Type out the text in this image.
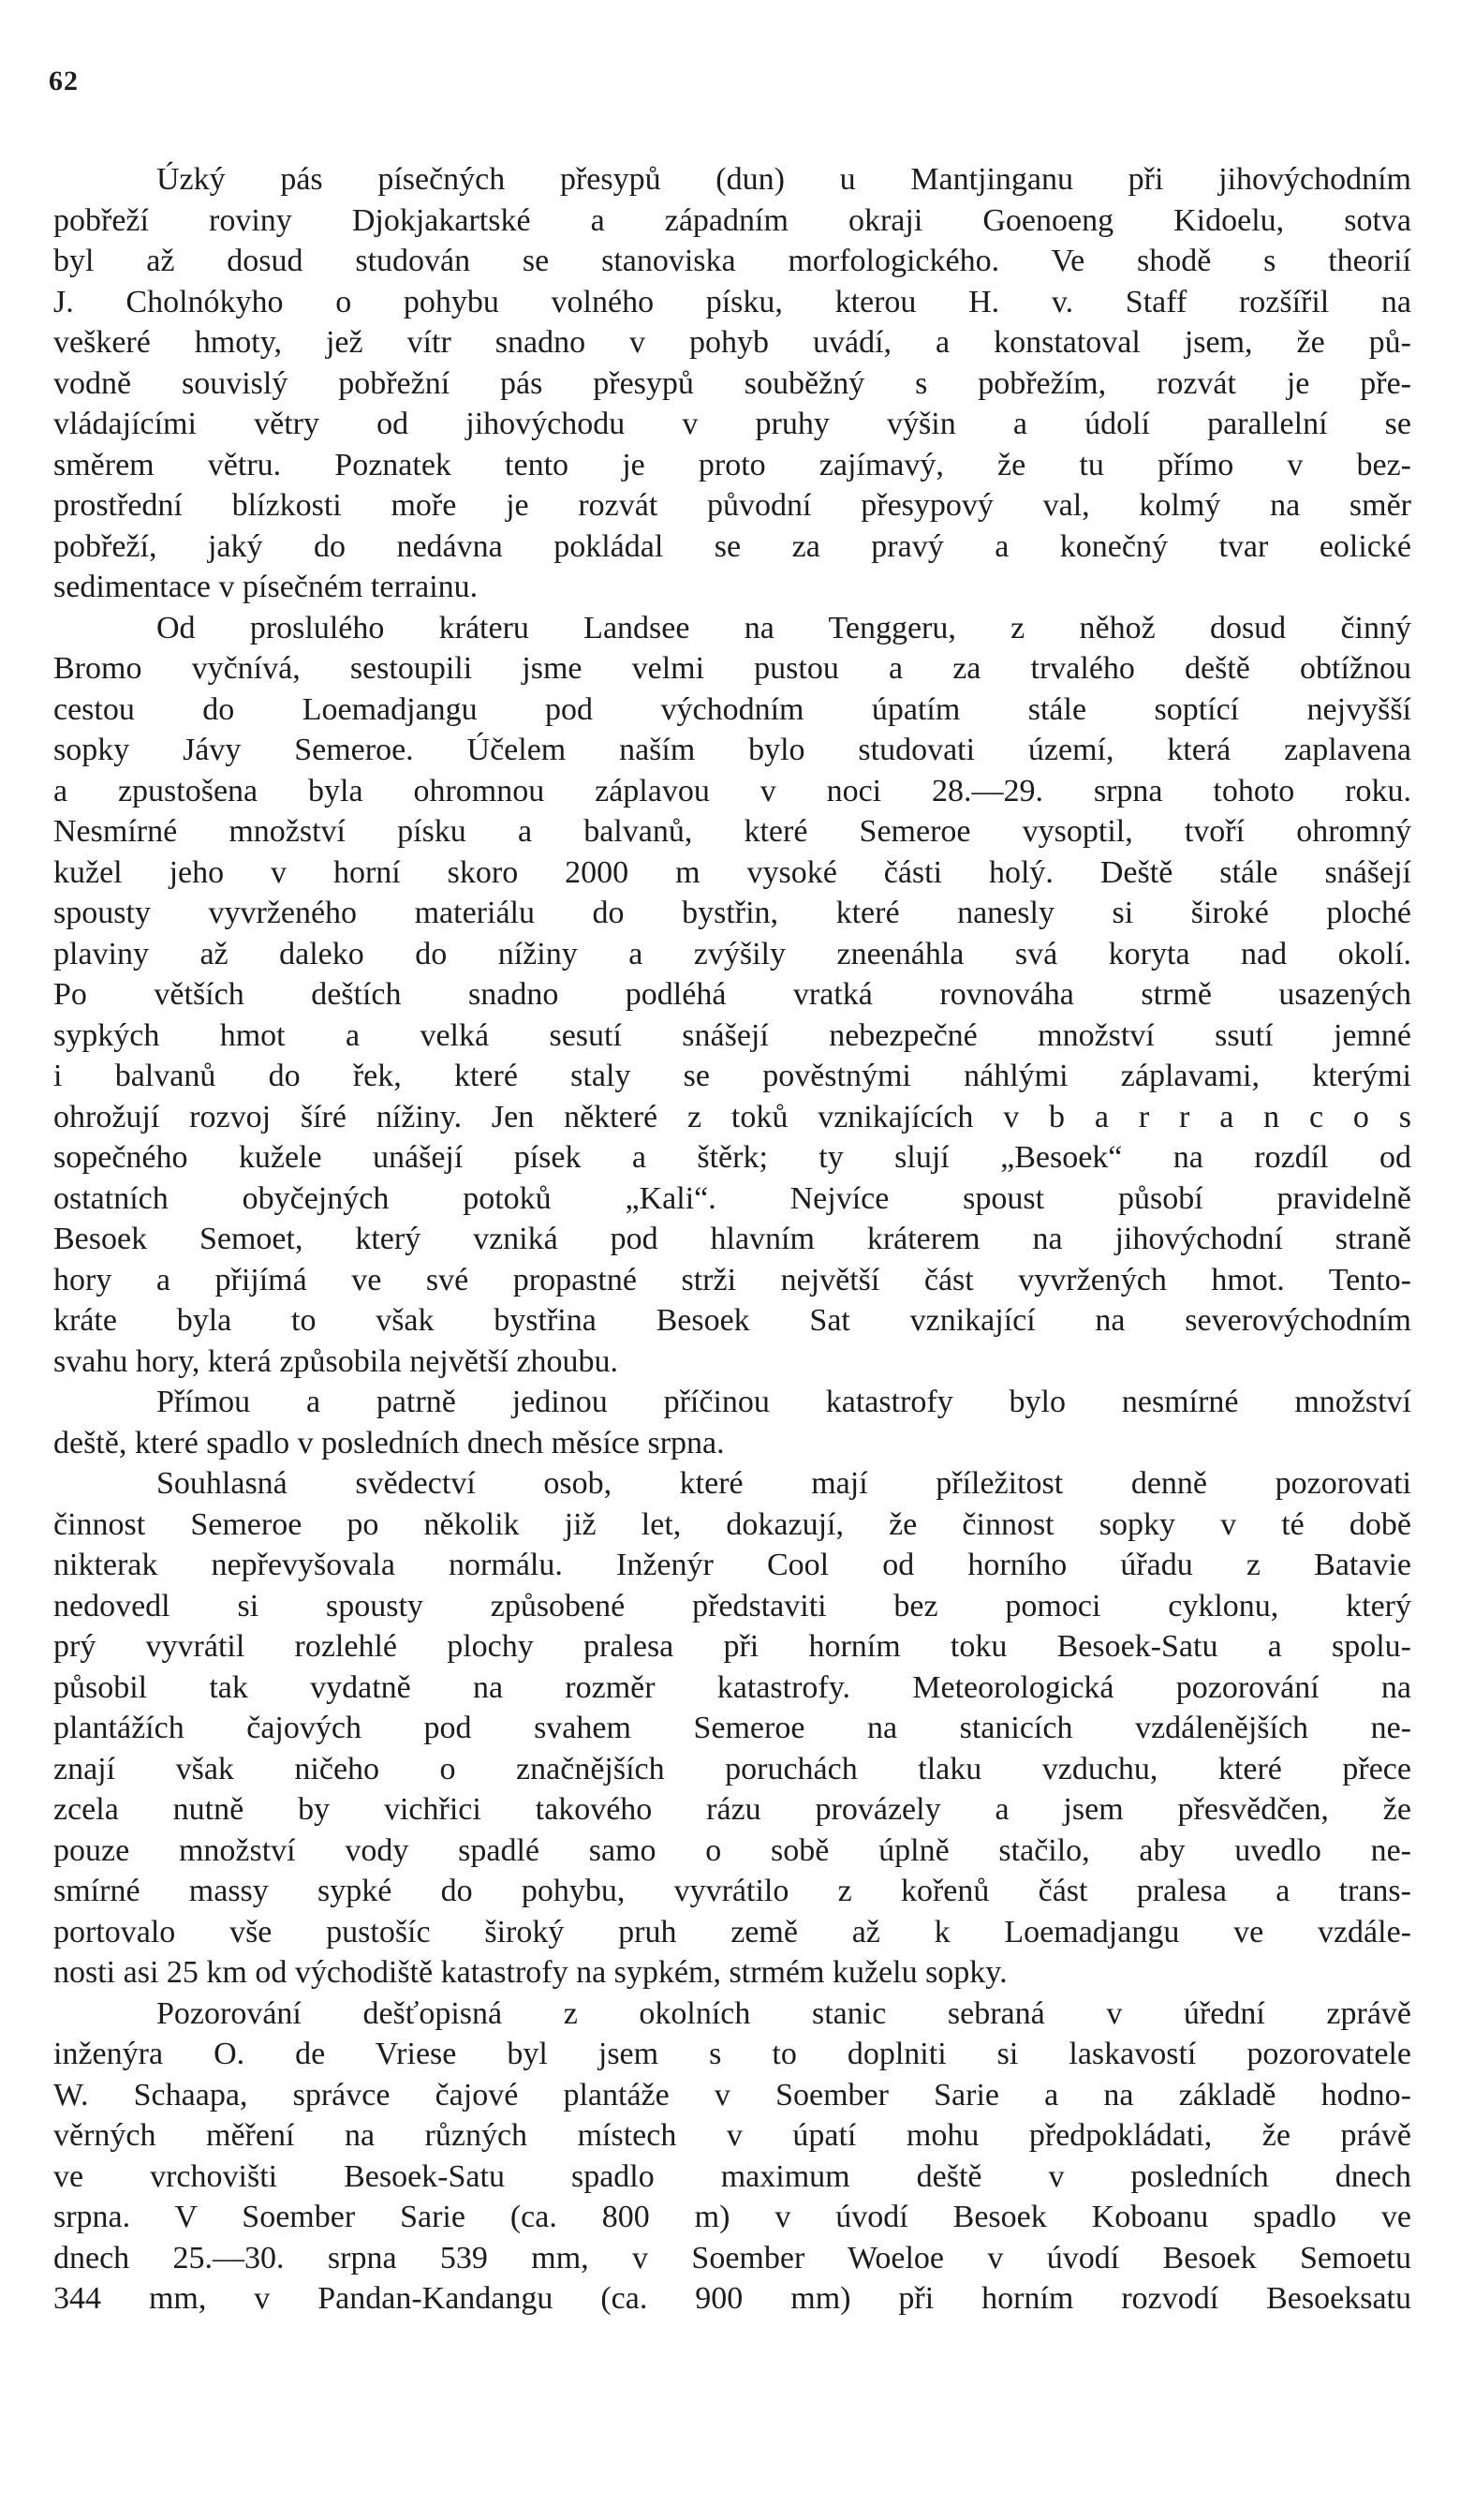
62
Úzký pás písečných přesypů (dun) u Mantjinganu při jihovýchodním
pobřeží roviny Djokjakartské a západním okraji Goenoeng Kidoelu, sotva
byl až dosud studován se stanoviska morfologického. Ve shodě s theorií
J. Cholnókyho o pohybu volného písku, kterou H. v. Staff rozšířil na
veškeré hmoty, jež vítr snadno v pohyb uvádí, a konstatoval jsem, že pů-
vodně souvislý pobřežní pás přesypů souběžný s pobřežím, rozvát je pře-
vládajícími větry od jihovýchodu v pruhy výšin a údolí parallelní se
směrem větru. Poznatek tento je proto zajímavý, že tu přímo v bez-
prostřední blízkosti moře je rozvát původní přesypový val, kolmý na směr
pobřeží, jaký do nedávna pokládal se za pravý a konečný tvar eolické
sedimentace v písečném terrainu.
Od proslulého kráteru Landsee na Tenggeru, z něhož dosud činný
Bromo vyčnívá, sestoupili jsme velmi pustou a za trvalého deště obtížnou
cestou do Loemadjangu pod východním úpatím stále soptící nejvyšší
sopky Jávy Semeroe. Účelem naším bylo studovati území, která zaplavena
a zpustošena byla ohromnou záplavou v noci 28.—29. srpna tohoto roku.
Nesmírné množství písku a balvanů, které Semeroe vysoptil, tvoří ohromný
kužel jeho v horní skoro 2000 m vysoké části holý. Deště stále snášejí
spousty vyvrženého materiálu do bystřin, které nanesly si široké ploché
plaviny až daleko do nížiny a zvýšily zneenáhla svá koryta nad okolí.
Po větších deštích snadno podléhá vratká rovnováha strmě usazených
sypkých hmot a velká sesutí snášejí nebezpečné množství ssutí jemné
i balvanů do řek, které staly se pověstnými náhlými záplavami, kterými
ohrožují rozvoj šíré nížiny. Jen některé z toků vznikajících v b a r r a n c o s
sopečného kužele unášejí písek a štěrk; ty slují „Besoek“ na rozdíl od
ostatních obyčejných potoků „Kali“. Nejvíce spoust působí pravidelně
Besoek Semoet, který vzniká pod hlavním kráterem na jihovýchodní straně
hory a přijímá ve své propastné strži největší část vyvržených hmot. Tento-
kráte byla to však bystřina Besoek Sat vznikající na severovýchodním
svahu hory, která způsobila největší zhoubu.
Přímou a patrně jedinou příčinou katastrofy bylo nesmírné množství
deště, které spadlo v posledních dnech měsíce srpna.
Souhlasná svědectví osob, které mají příležitost denně pozorovati
činnost Semeroe po několik již let, dokazují, že činnost sopky v té době
nikterak nepřevyšovala normálu. Inženýr Cool od horního úřadu z Batavie
nedovedl si spousty způsobené představiti bez pomoci cyklonu, který
prý vyvrátil rozlehlé plochy pralesa při horním toku Besoek-Satu a spolu-
působil tak vydatně na rozměr katastrofy. Meteorologická pozorování na
plantážích čajových pod svahem Semeroe na stanicích vzdálenějších ne-
znají však ničeho o značnějších poruchách tlaku vzduchu, které přece
zcela nutně by vichřici takového rázu provázely a jsem přesvědčen, že
pouze množství vody spadlé samo o sobě úplně stačilo, aby uvedlo ne-
smírné massy sypké do pohybu, vyvrátilo z kořenů část pralesa a trans-
portovalo vše pustošíc široký pruh země až k Loemadjangu ve vzdále-
nosti asi 25 km od východiště katastrofy na sypkém, strmém kuželu sopky.
Pozorování dešťopisná z okolních stanic sebraná v úřední zprávě
inženýra O. de Vriese byl jsem s to doplniti si laskavostí pozorovatele
W. Schaapa, správce čajové plantáže v Soember Sarie a na základě hodno-
věrných měření na různých místech v úpatí mohu předpokládati, že právě
ve vrchovišti Besoek-Satu spadlo maximum deště v posledních dnech
srpna. V Soember Sarie (ca. 800 m) v úvodí Besoek Koboanu spadlo ve
dnech 25.—30. srpna 539 mm, v Soember Woeloe v úvodí Besoek Semoetu
344 mm, v Pandan-Kandangu (ca. 900 mm) při horním rozvodí Besoeksatu
